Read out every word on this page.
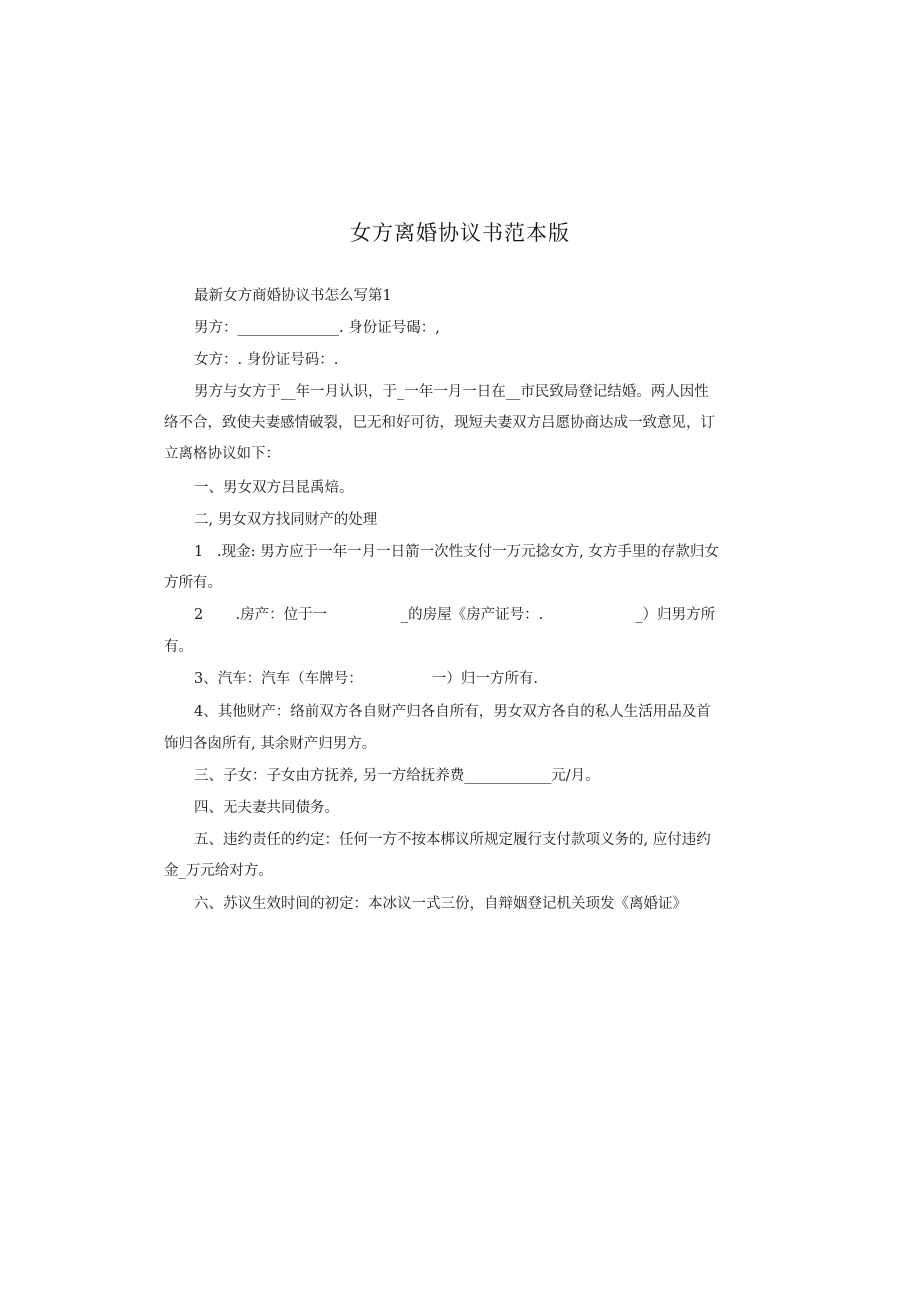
女方离婚协议书范本版
最新女方商婚协议书怎么写第1
男方：______________. 身份证号碣：,
女方：. 身份证号码：.
男方与女方于__年一月认识，于_一年一月一日在__市民致局登记结婚。两人因性
络不合，致使夫妻感情破裂，巳无和好可彷，现短夫妻双方吕愿协商达成一致意见，订
立离格协议如下：
一、男女双方吕昆禹焙。
二, 男女双方找同财产的处理
1   .现金: 男方应于一年一月一日箭一次性支付一万元捻女方, 女方手里的存款归女
方所有。
2       .房产：位于一                _的房屋《房产证号：.                    _）归男方所
有。
3、汽车：汽车（车牌号：               一）归一方所有.
4、其他财产：络前双方各自财产归各自所有，男女双方各自的私人生活用品及首
饰归各囱所有, 其余财产归男方。
三、子女：子女由方抚养, 另一方给抚养费____________元/月。
四、无夫妻共同债务。
五、违约责任的约定：任何一方不按本梆议所规定履行支付款项义务的, 应付违约
金_万元给对方。
六、苏议生效时间的初定：本冰议一式三份，自辩姻登记机关顼发《离婚证》
